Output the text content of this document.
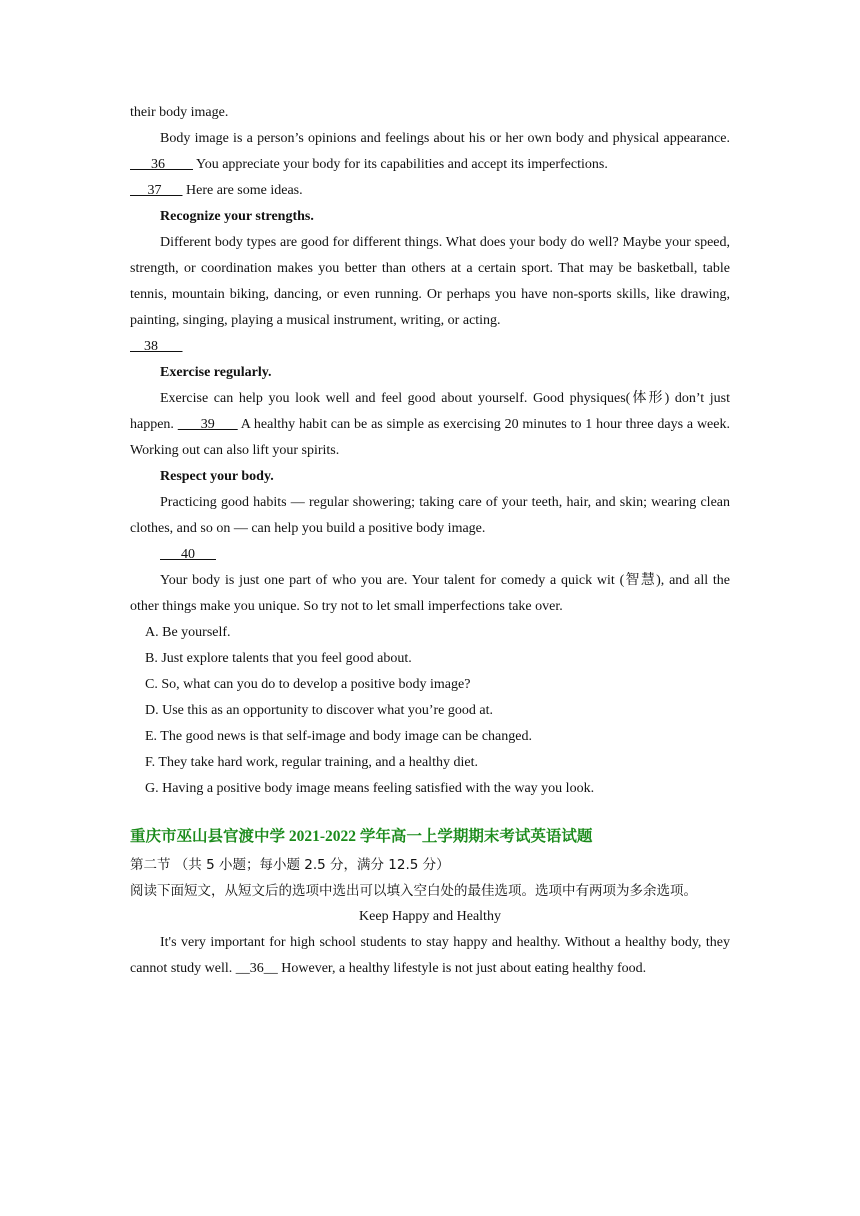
their body image.

Body image is a person’s opinions and feelings about his or her own body and physical appearance.       36         You appreciate your body for its capabilities and accept its imperfections.

37       Here are some ideas.

Recognize your strengths.

Different body types are good for different things. What does your body do well? Maybe your speed, strength, or coordination makes you better than others at a certain sport. That may be basketball, table tennis, mountain biking, dancing, or even running. Or perhaps you have non-sports skills, like drawing, painting, singing, playing a musical instrument, writing, or acting.

38

Exercise regularly.

Exercise can help you look well and feel good about yourself. Good physiques(体形) don’t just happen.       39       A healthy habit can be as simple as exercising 20 minutes to 1 hour three days a week. Working out can also lift your spirits.

Respect your body.

Practicing good habits — regular showering; taking care of your teeth, hair, and skin; wearing clean clothes, and so on — can help you build a positive body image.

40

Your body is just one part of who you are. Your talent for comedy a quick wit (智慧), and all the other things make you unique. So try not to let small imperfections take over.

A. Be yourself.

B. Just explore talents that you feel good about.

C. So, what can you do to develop a positive body image?

D. Use this as an opportunity to discover what you’re good at.

E. The good news is that self-image and body image can be changed.

F. They take hard work, regular training, and a healthy diet.

G. Having a positive body image means feeling satisfied with the way you look.

重庆市巫山县官渡中学 2021-2022 学年高一上学期期末考试英语试题

第二节 （共 5 小题；每小题 2.5 分，满分 12.5 分）

阅读下面短文，从短文后的选项中选出可以填入空白处的最佳选项。选项中有两项为多余选项。

Keep Happy and Healthy

It's very important for high school students to stay happy and healthy. Without a healthy body, they cannot study well. __36__ However, a healthy lifestyle is not just about eating healthy food.
